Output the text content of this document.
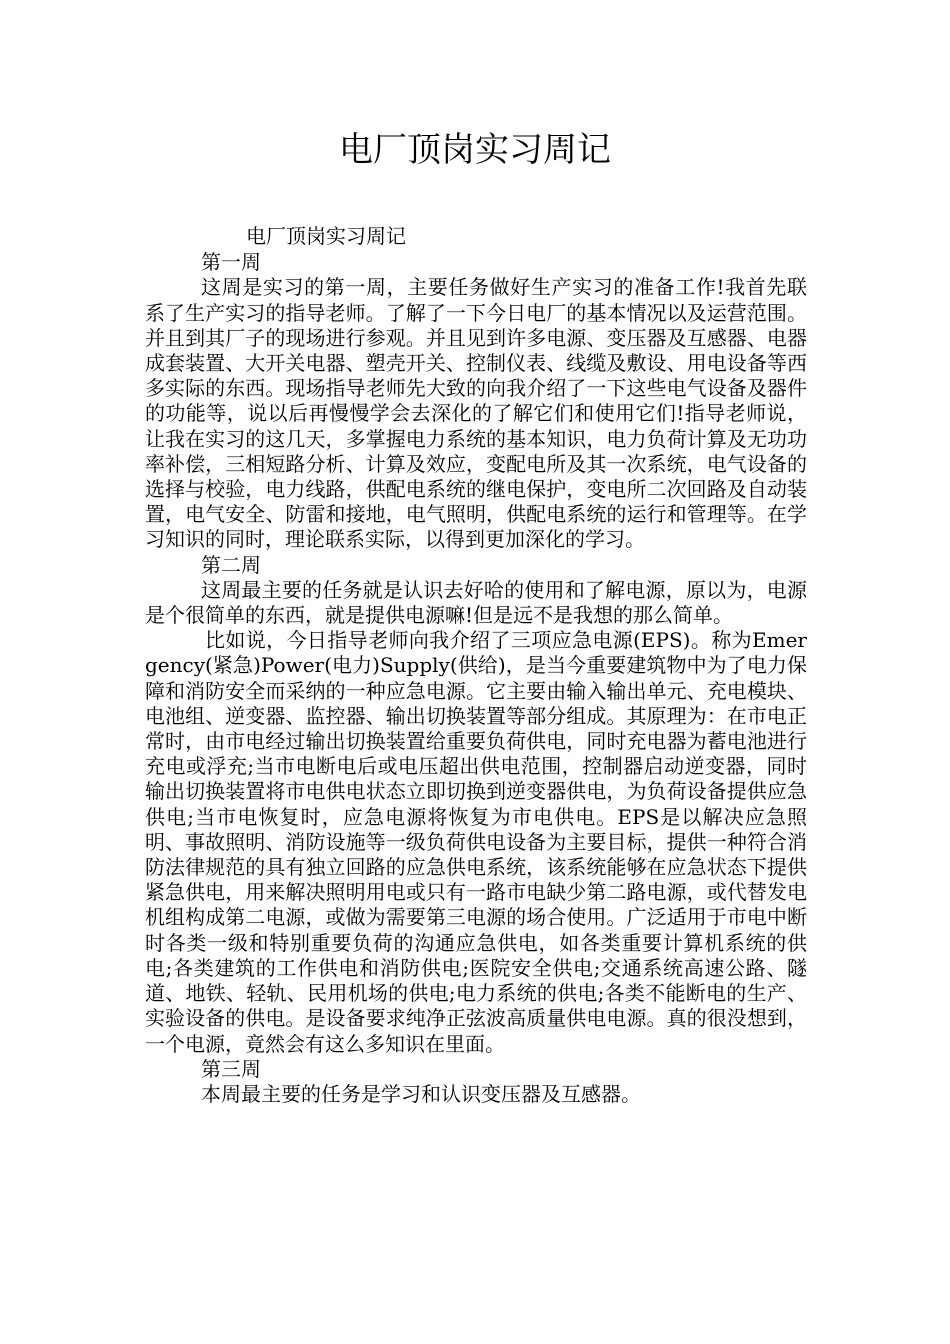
电厂顶岗实习周记

电厂顶岗实习周记

第一周

这周是实习的第一周，主要任务做好生产实习的准备工作!我首先联系了生产实习的指导老师。了解了一下今日电厂的基本情况以及运营范围。并且到其厂子的现场进行参观。并且见到许多电源、变压器及互感器、电器成套装置、大开关电器、塑壳开关、控制仪表、线缆及敷设、用电设备等西多实际的东西。现场指导老师先大致的向我介绍了一下这些电气设备及器件的功能等，说以后再慢慢学会去深化的了解它们和使用它们!指导老师说，让我在实习的这几天，多掌握电力系统的基本知识，电力负荷计算及无功功率补偿，三相短路分析、计算及效应，变配电所及其一次系统，电气设备的选择与校验，电力线路，供配电系统的继电保护，变电所二次回路及自动装置，电气安全、防雷和接地，电气照明，供配电系统的运行和管理等。在学习知识的同时，理论联系实际，以得到更加深化的学习。

第二周

这周最主要的任务就是认识去好哈的使用和了解电源，原以为，电源是个很简单的东西，就是提供电源嘛!但是远不是我想的那么简单。

比如说，今日指导老师向我介绍了三项应急电源(EPS)。称为Emergency(紧急)Power(电力)Supply(供给)，是当今重要建筑物中为了电力保障和消防安全而采纳的一种应急电源。它主要由输入输出单元、充电模块、电池组、逆变器、监控器、输出切换装置等部分组成。其原理为：在市电正常时，由市电经过输出切换装置给重要负荷供电，同时充电器为蓄电池进行充电或浮充;当市电断电后或电压超出供电范围，控制器启动逆变器，同时输出切换装置将市电供电状态立即切换到逆变器供电，为负荷设备提供应急供电;当市电恢复时，应急电源将恢复为市电供电。EPS是以解决应急照明、事故照明、消防设施等一级负荷供电设备为主要目标，提供一种符合消防法律规范的具有独立回路的应急供电系统，该系统能够在应急状态下提供紧急供电，用来解决照明用电或只有一路市电缺少第二路电源，或代替发电机组构成第二电源，或做为需要第三电源的场合使用。广泛适用于市电中断时各类一级和特别重要负荷的沟通应急供电，如各类重要计算机系统的供电;各类建筑的工作供电和消防供电;医院安全供电;交通系统高速公路、隧道、地铁、轻轨、民用机场的供电;电力系统的供电;各类不能断电的生产、实验设备的供电。是设备要求纯净正弦波高质量供电电源。真的很没想到，一个电源，竟然会有这么多知识在里面。

第三周

本周最主要的任务是学习和认识变压器及互感器。
